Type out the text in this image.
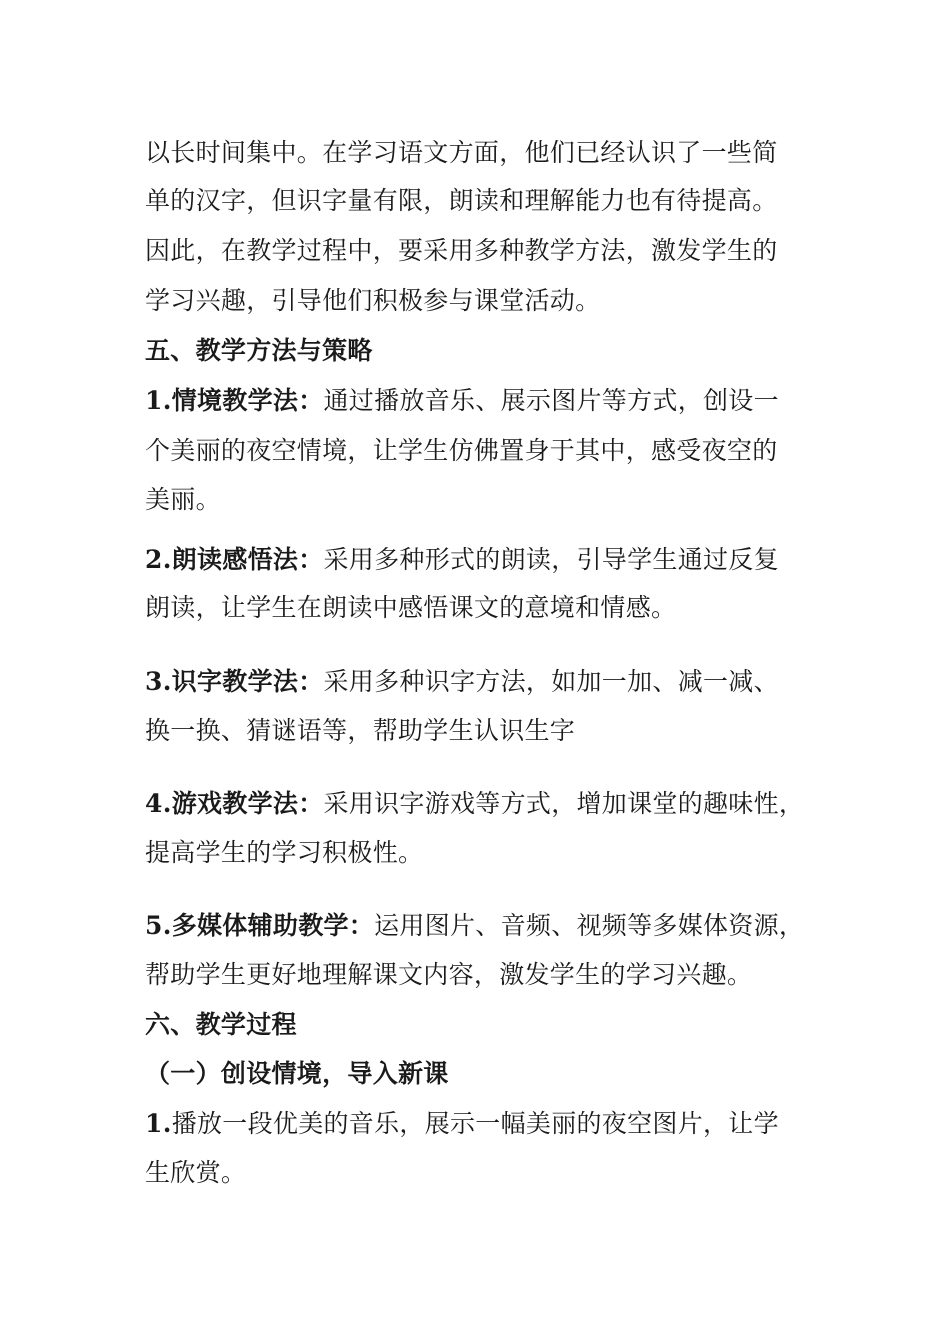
以长时间集中。在学习语文方面，他们已经认识了一些简
单的汉字，但识字量有限，朗读和理解能力也有待提高。
因此，在教学过程中，要采用多种教学方法，激发学生的
学习兴趣，引导他们积极参与课堂活动。
五、教学方法与策略
1.情境教学法：通过播放音乐、展示图片等方式，创设一
个美丽的夜空情境，让学生仿佛置身于其中，感受夜空的
美丽。
2.朗读感悟法：采用多种形式的朗读，引导学生通过反复
朗读，让学生在朗读中感悟课文的意境和情感。
3.识字教学法：采用多种识字方法，如加一加、减一减、
换一换、猜谜语等，帮助学生认识生字
4.游戏教学法：采用识字游戏等方式，增加课堂的趣味性，
提高学生的学习积极性。
5.多媒体辅助教学：运用图片、音频、视频等多媒体资源，
帮助学生更好地理解课文内容，激发学生的学习兴趣。
六、教学过程
（一）创设情境，导入新课
1.播放一段优美的音乐，展示一幅美丽的夜空图片，让学
生欣赏。
